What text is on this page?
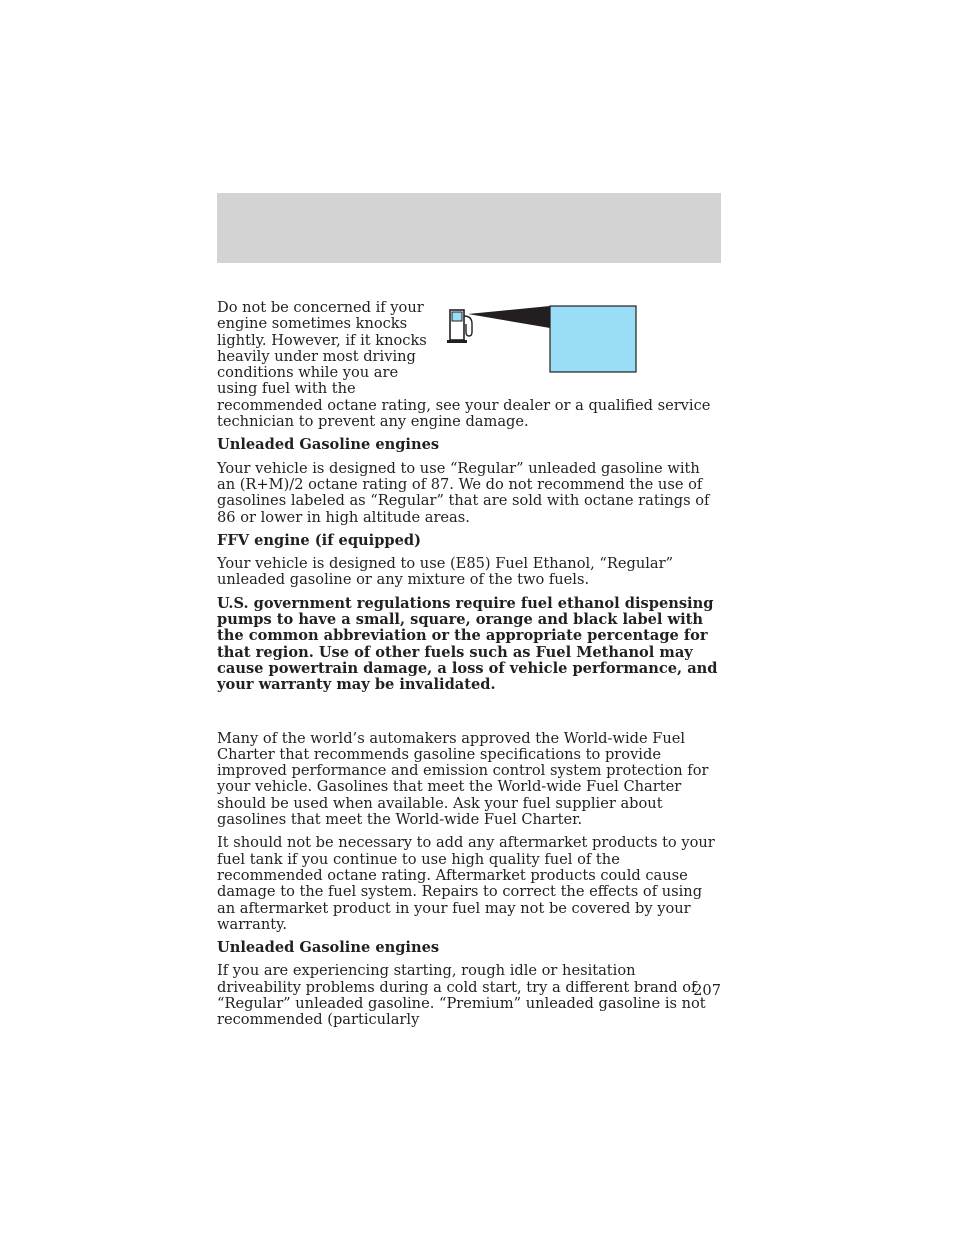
Do not be concerned if your engine sometimes knocks lightly. However, if it knocks heavily under most driving conditions while you are using fuel with the recommended octane rating, see your dealer or a qualified service technician to prevent any engine damage.

Unleaded Gasoline engines

Your vehicle is designed to use “Regular” unleaded gasoline with an (R+M)/2 octane rating of 87. We do not recommend the use of gasolines labeled as “Regular” that are sold with octane ratings of 86 or lower in high altitude areas.

FFV engine (if equipped)

Your vehicle is designed to use (E85) Fuel Ethanol, “Regular” unleaded gasoline or any mixture of the two fuels.

U.S. government regulations require fuel ethanol dispensing pumps to have a small, square, orange and black label with the common abbreviation or the appropriate percentage for that region. Use of other fuels such as Fuel Methanol may cause powertrain damage, a loss of vehicle performance, and your warranty may be invalidated.

Many of the world’s automakers approved the World-wide Fuel Charter that recommends gasoline specifications to provide improved performance and emission control system protection for your vehicle. Gasolines that meet the World-wide Fuel Charter should be used when available. Ask your fuel supplier about gasolines that meet the World-wide Fuel Charter.

It should not be necessary to add any aftermarket products to your fuel tank if you continue to use high quality fuel of the recommended octane rating. Aftermarket products could cause damage to the fuel system. Repairs to correct the effects of using an aftermarket product in your fuel may not be covered by your warranty.

Unleaded Gasoline engines

If you are experiencing starting, rough idle or hesitation driveability problems during a cold start, try a different brand of “Regular” unleaded gasoline. “Premium” unleaded gasoline is not recommended (particularly

207
